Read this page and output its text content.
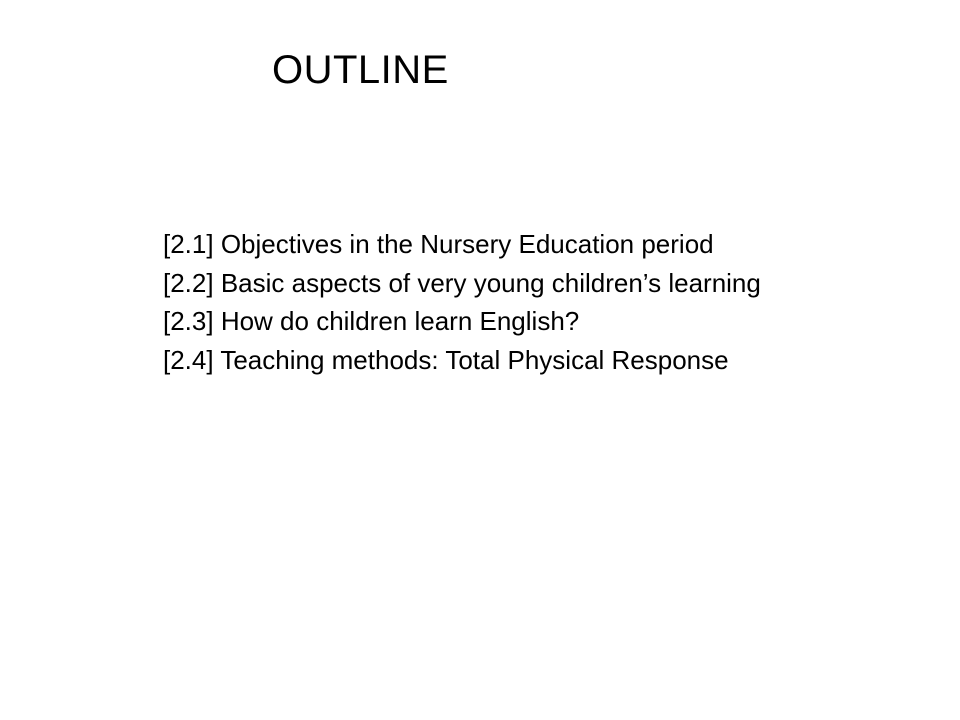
OUTLINE
[2.1] Objectives in the Nursery Education period
[2.2] Basic aspects of very young children’s learning
[2.3] How do children learn English?
[2.4] Teaching methods: Total Physical Response
